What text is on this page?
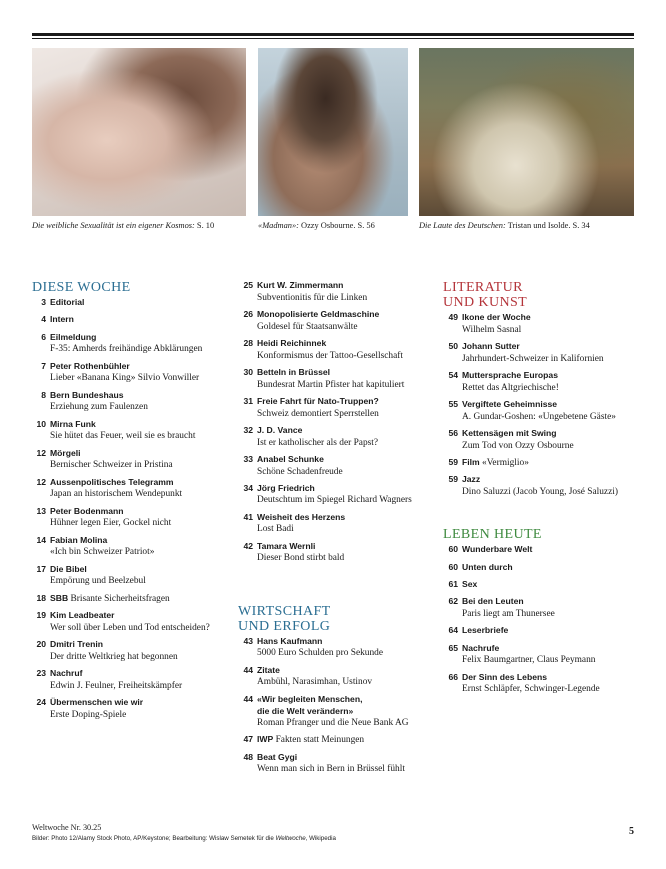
Die weibliche Sexualität ist ein eigener Kosmos: S. 10	«Madman»: Ozzy Osbourne. S. 56	Die Laute des Deutschen: Tristan und Isolde. S. 34
DIESE WOCHE
3 Editorial
4 Intern
6 Eilmeldung
F-35: Amherds freihändige Abklärungen
7 Peter Rothenbühler
Lieber «Banana King» Silvio Vonwiller
8 Bern Bundeshaus
Erziehung zum Faulenzen
10 Mirna Funk
Sie hütet das Feuer, weil sie es braucht
12 Mörgeli
Bernischer Schweizer in Pristina
12 Aussenpolitisches Telegramm
Japan an historischem Wendepunkt
13 Peter Bodenmann
Hühner legen Eier, Gockel nicht
14 Fabian Molina
«Ich bin Schweizer Patriot»
17 Die Bibel
Empörung und Beelzebul
18 SBB Brisante Sicherheitsfragen
19 Kim Leadbeater
Wer soll über Leben und Tod entscheiden?
20 Dmitri Trenin
Der dritte Weltkrieg hat begonnen
23 Nachruf
Edwin J. Feulner, Freiheitskämpfer
24 Übermenschen wie wir
Erste Doping-Spiele
25 Kurt W. Zimmermann
Subventionitis für die Linken
26 Monopolisierte Geldmaschine
Goldesel für Staatsanwälte
28 Heidi Reichinnek
Konformismus der Tattoo-Gesellschaft
30 Betteln in Brüssel
Bundesrat Martin Pfister hat kapituliert
31 Freie Fahrt für Nato-Truppen?
Schweiz demontiert Sperrstellen
32 J. D. Vance
Ist er katholischer als der Papst?
33 Anabel Schunke
Schöne Schadenfreude
34 Jörg Friedrich
Deutschtum im Spiegel Richard Wagners
41 Weisheit des Herzens
Lost Badi
42 Tamara Wernli
Dieser Bond stirbt bald
WIRTSCHAFT
UND ERFOLG
43 Hans Kaufmann
5000 Euro Schulden pro Sekunde
44 Zitate
Ambühl, Narasimhan, Ustinov
44 «Wir begleiten Menschen,
die die Welt verändern»
Roman Pfranger und die Neue Bank AG
47 IWP Fakten statt Meinungen
48 Beat Gygi
Wenn man sich in Bern in Brüssel fühlt
LITERATUR
UND KUNST
49 Ikone der Woche
Wilhelm Sasnal
50 Johann Sutter
Jahrhundert-Schweizer in Kalifornien
54 Muttersprache Europas
Rettet das Altgriechische!
55 Vergiftete Geheimnisse
A. Gundar-Goshen: «Ungebetene Gäste»
56 Kettensägen mit Swing
Zum Tod von Ozzy Osbourne
59 Film «Vermiglio»
59 Jazz
Dino Saluzzi (Jacob Young, José Saluzzi)
LEBEN HEUTE
60 Wunderbare Welt
60 Unten durch
61 Sex
62 Bei den Leuten
Paris liegt am Thunersee
64 Leserbriefe
65 Nachrufe
Felix Baumgartner, Claus Peymann
66 Der Sinn des Lebens
Ernst Schläpfer, Schwinger-Legende
Weltwoche Nr. 30.25
Bilder: Photo 12/Alamy Stock Photo, AP/Keystone; Bearbeitung: Wislaw Semetek für die Weltwoche, Wikipedia
5
